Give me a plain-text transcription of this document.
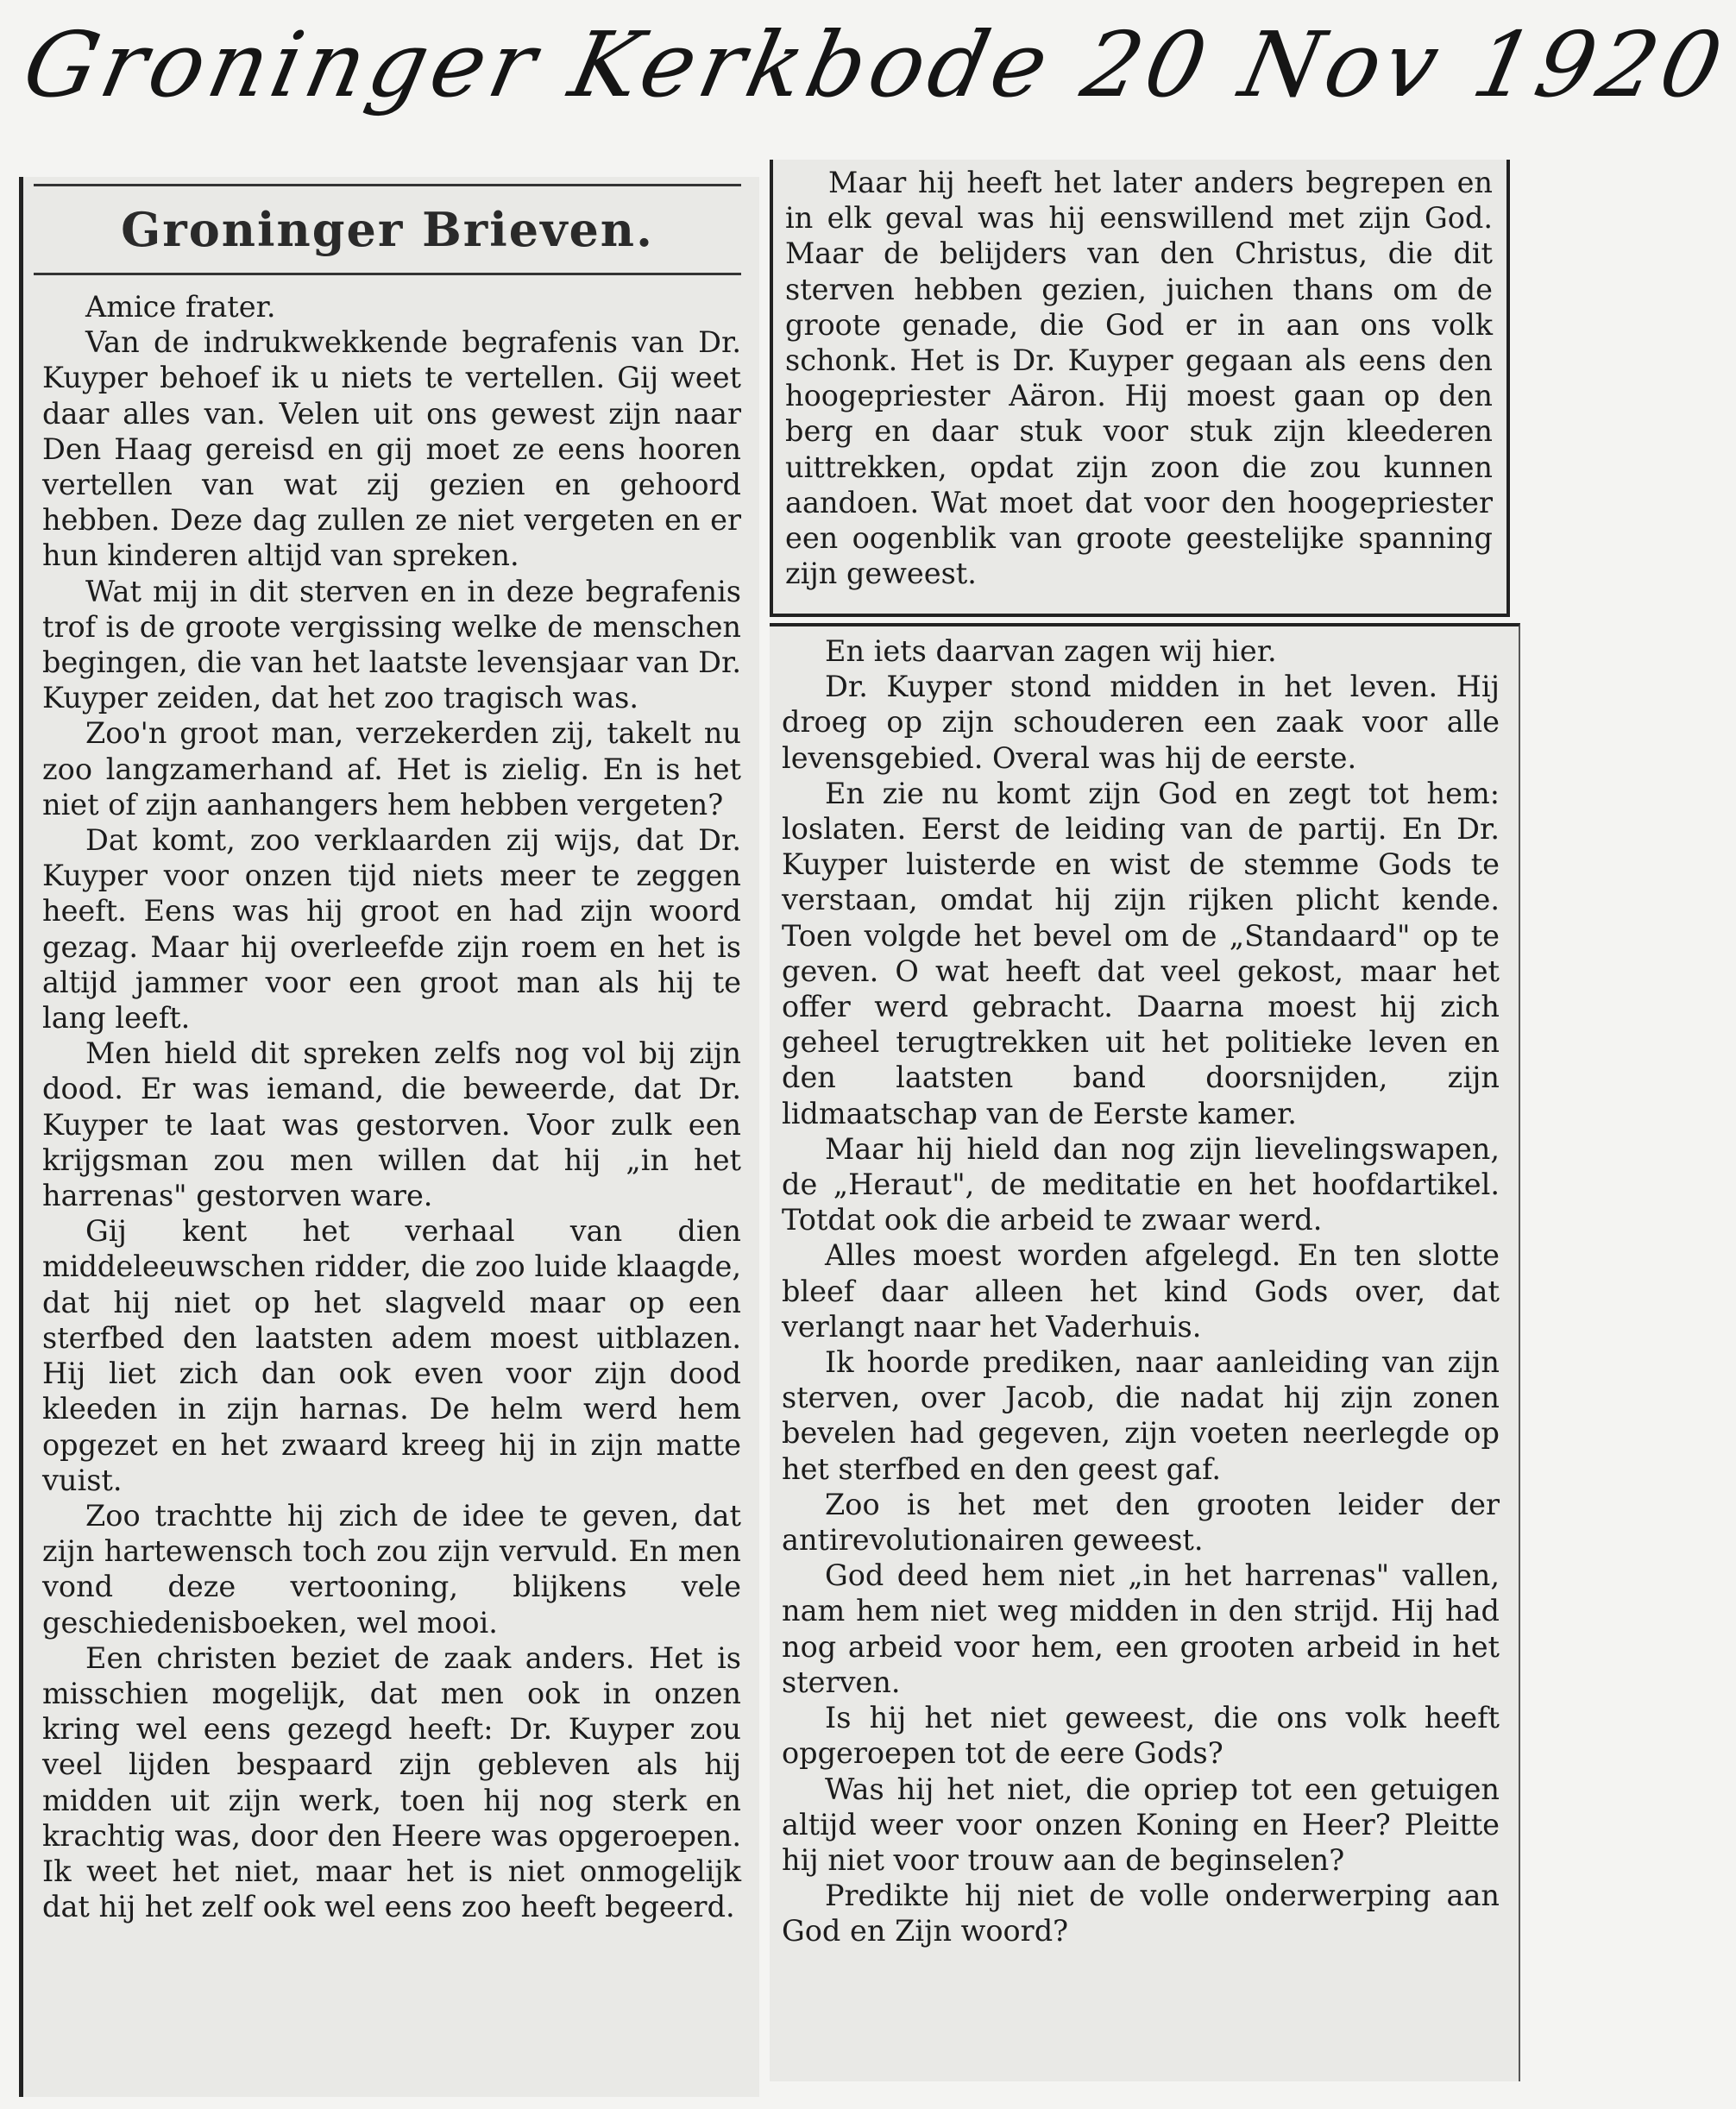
Groninger Kerkbode 20 Nov 1920
Groninger Brieven.

Amice frater.

Van de indrukwekkende begrafenis van Dr. Kuyper behoef ik u niets te vertellen. Gij weet daar alles van. Velen uit ons gewest zijn naar Den Haag gereisd en gij moet ze eens hooren vertellen van wat zij gezien en gehoord hebben. Deze dag zullen ze niet vergeten en er hun kinderen altijd van spreken.

Wat mij in dit sterven en in deze begrafenis trof is de groote vergissing welke de menschen begingen, die van het laatste levensjaar van Dr. Kuyper zeiden, dat het zoo tragisch was.

Zoo'n groot man, verzekerden zij, takelt nu zoo langzamerhand af. Het is zielig. En is het niet of zijn aanhangers hem hebben vergeten?

Dat komt, zoo verklaarden zij wijs, dat Dr. Kuyper voor onzen tijd niets meer te zeggen heeft. Eens was hij groot en had zijn woord gezag. Maar hij overleefde zijn roem en het is altijd jammer voor een groot man als hij te lang leeft.

Men hield dit spreken zelfs nog vol bij zijn dood. Er was iemand, die beweerde, dat Dr. Kuyper te laat was gestorven. Voor zulk een krijgsman zou men willen dat hij „in het harrenas" gestorven ware.

Gij kent het verhaal van dien middeleeuwschen ridder, die zoo luide klaagde, dat hij niet op het slagveld maar op een sterfbed den laatsten adem moest uitblazen. Hij liet zich dan ook even voor zijn dood kleeden in zijn harnas. De helm werd hem opgezet en het zwaard kreeg hij in zijn matte vuist.

Zoo trachtte hij zich de idee te geven, dat zijn hartewensch toch zou zijn vervuld. En men vond deze vertooning, blijkens vele geschiedenisboeken, wel mooi.

Een christen beziet de zaak anders. Het is misschien mogelijk, dat men ook in onzen kring wel eens gezegd heeft: Dr. Kuyper zou veel lijden bespaard zijn gebleven als hij midden uit zijn werk, toen hij nog sterk en krachtig was, door den Heere was opgeroepen. Ik weet het niet, maar het is niet onmogelijk dat hij het zelf ook wel eens zoo heeft begeerd.

Maar hij heeft het later anders begrepen en in elk geval was hij eenswillend met zijn God. Maar de belijders van den Christus, die dit sterven hebben gezien, juichen thans om de groote genade, die God er in aan ons volk schonk. Het is Dr. Kuyper gegaan als eens den hoogepriester Aäron. Hij moest gaan op den berg en daar stuk voor stuk zijn kleederen uittrekken, opdat zijn zoon die zou kunnen aandoen. Wat moet dat voor den hoogepriester een oogenblik van groote geestelijke spanning zijn geweest.

En iets daarvan zagen wij hier.

Dr. Kuyper stond midden in het leven. Hij droeg op zijn schouderen een zaak voor alle levensgebied. Overal was hij de eerste.

En zie nu komt zijn God en zegt tot hem: loslaten. Eerst de leiding van de partij. En Dr. Kuyper luisterde en wist de stemme Gods te verstaan, omdat hij zijn rijken plicht kende. Toen volgde het bevel om de „Standaard" op te geven. O wat heeft dat veel gekost, maar het offer werd gebracht. Daarna moest hij zich geheel terugtrekken uit het politieke leven en den laatsten band doorsnijden, zijn lidmaatschap van de Eerste kamer.

Maar hij hield dan nog zijn lievelingswapen, de „Heraut", de meditatie en het hoofdartikel. Totdat ook die arbeid te zwaar werd.

Alles moest worden afgelegd. En ten slotte bleef daar alleen het kind Gods over, dat verlangt naar het Vaderhuis.

Ik hoorde prediken, naar aanleiding van zijn sterven, over Jacob, die nadat hij zijn zonen bevelen had gegeven, zijn voeten neerlegde op het sterfbed en den geest gaf.

Zoo is het met den grooten leider der antirevolutionairen geweest.

God deed hem niet „in het harrenas" vallen, nam hem niet weg midden in den strijd. Hij had nog arbeid voor hem, een grooten arbeid in het sterven.

Is hij het niet geweest, die ons volk heeft opgeroepen tot de eere Gods?

Was hij het niet, die opriep tot een getuigen altijd weer voor onzen Koning en Heer? Pleitte hij niet voor trouw aan de beginselen?

Predikte hij niet de volle onderwerping aan God en Zijn woord?
